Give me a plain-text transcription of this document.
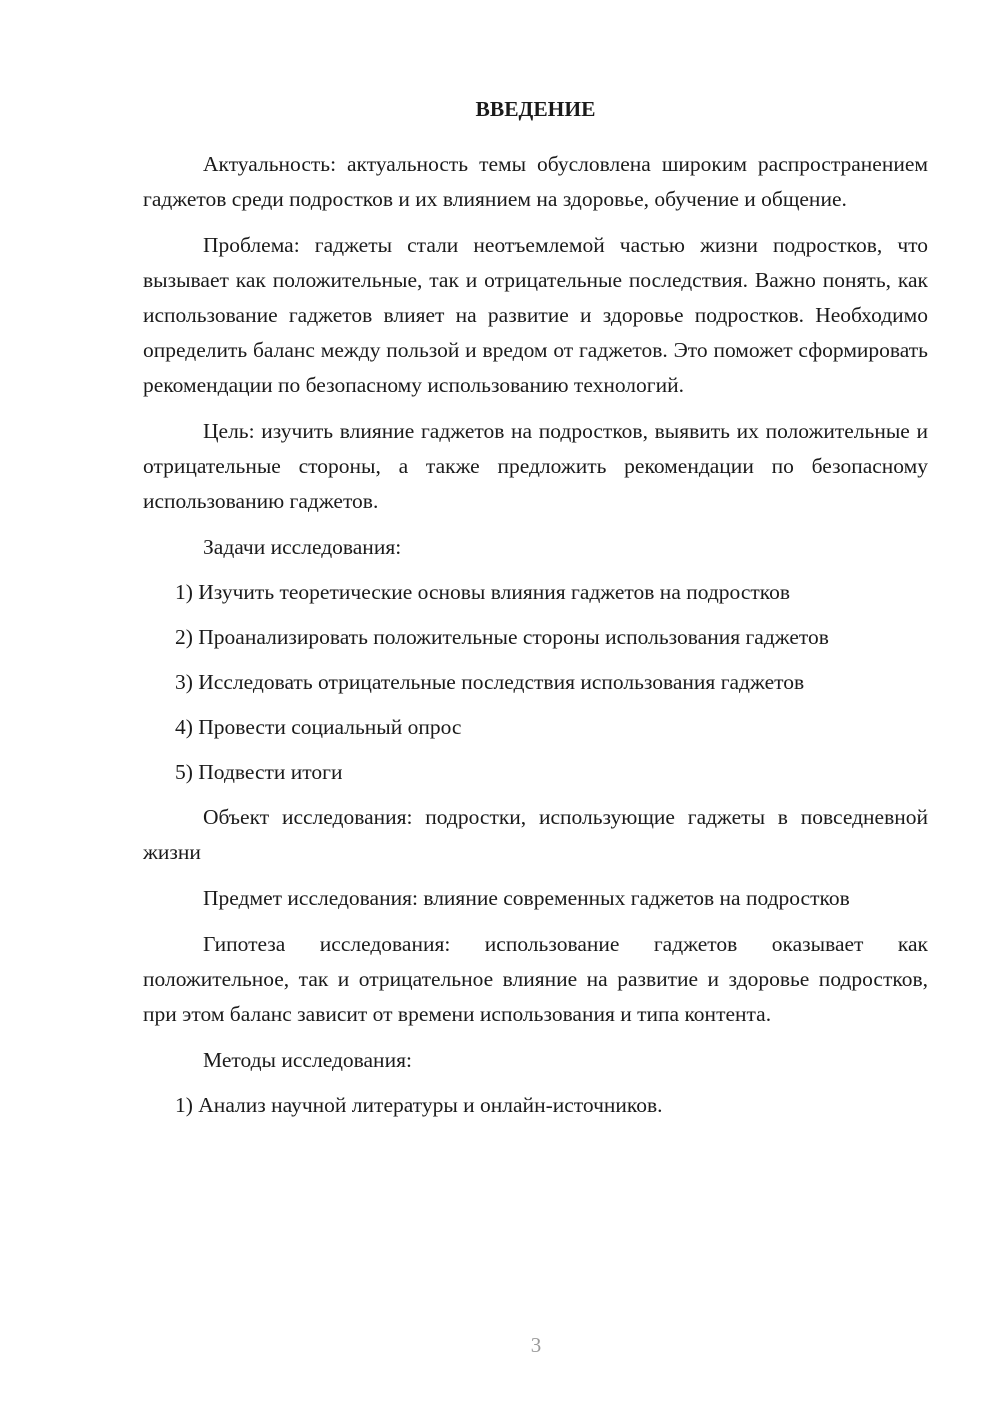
ВВЕДЕНИЕ

Актуальность: актуальность темы обусловлена широким распространением гаджетов среди подростков и их влиянием на здоровье, обучение и общение.

Проблема: гаджеты стали неотъемлемой частью жизни подростков, что вызывает как положительные, так и отрицательные последствия. Важно понять, как использование гаджетов влияет на развитие и здоровье подростков. Необходимо определить баланс между пользой и вредом от гаджетов. Это поможет сформировать рекомендации по безопасному использованию технологий.

Цель: изучить влияние гаджетов на подростков, выявить их положительные и отрицательные стороны, а также предложить рекомендации по безопасному использованию гаджетов.

Задачи исследования:

1) Изучить теоретические основы влияния гаджетов на подростков

2) Проанализировать положительные стороны использования гаджетов

3) Исследовать отрицательные последствия использования гаджетов

4) Провести социальный опрос

5) Подвести итоги

Объект исследования: подростки, использующие гаджеты в повседневной жизни

Предмет исследования: влияние современных гаджетов на подростков

Гипотеза исследования: использование гаджетов оказывает как положительное, так и отрицательное влияние на развитие и здоровье подростков, при этом баланс зависит от времени использования и типа контента.

Методы исследования:

1) Анализ научной литературы и онлайн-источников.

3
